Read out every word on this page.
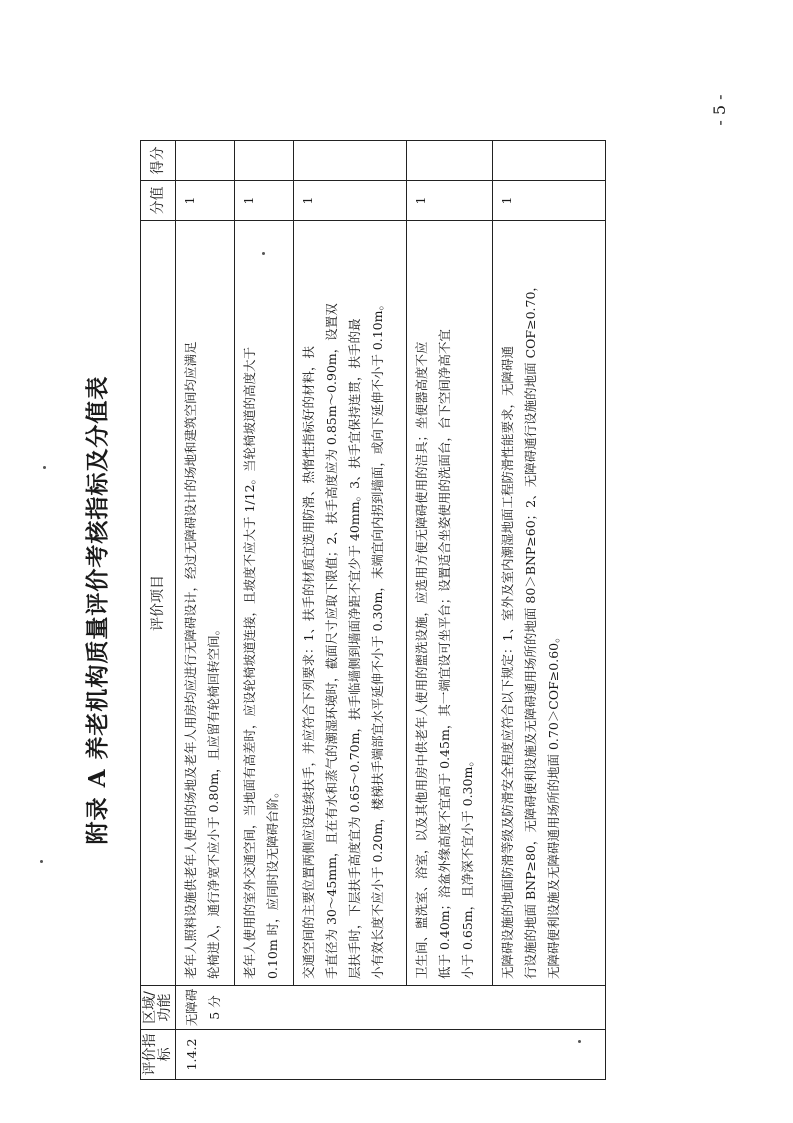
- 5 -
附录 A 养老机构质量评价考核指标及分值表
评价指标	区域/功能	评价项目	分值	得分
1.4.2	无障碍 5 分	老年人照料设施供老年人使用的场地及老年人用房均应进行无障碍设计，经过无障碍设计的场地和建筑空间均应满足 轮椅进入，通行净宽不应小于 0.80m，且应留有轮椅回转空间。	1	

		老年人使用的室外交通空间，当地面有高差时，应设轮椅坡道连接，且坡度不应大于 1/12。当轮椅坡道的高度大于 0.10m 时，应同时设无障碍台阶。	1	

		交通空间的主要位置两侧应设连续扶手，并应符合下列要求：1、扶手的材质宜选用防滑、热惰性指标好的材料，扶 手直径为 30～45mm，且在有水和蒸气的潮湿环境时，截面尺寸应取下限值；2、扶手高度应为 0.85m～0.90m，设置双 层扶手时，下层扶手高度宜为 0.65～0.70m，扶手临墙侧到墙面净距不宜少于 40mm。3、扶手宜保持连贯，扶手的最 小有效长度不应小于 0.20m，楼梯扶手端部宜水平延伸不小于 0.30m，末端宜向内拐到墙面，或向下延伸不小于 0.10m。	1	

		卫生间、盥洗室、浴室，以及其他用房中供老年人使用的盥洗设施，应选用方便无障碍使用的洁具；坐便器高度不应 低于 0.40m；浴盆外缘高度不宜高于 0.45m，其一端宜设可坐平台；设置适合坐姿使用的洗面台，台下空间净高不宜 小于 0.65m，且净深不宜小于 0.30m。	1	

		无障碍设施的地面防滑等级及防滑安全程度应符合以下规定：1、室外及室内潮湿地面工程防滑性能要求，无障碍通 行设施的地面 BNP≥80，无障碍便利设施及无障碍通用场所的地面 80＞BNP≥60；2、无障碍通行设施的地面 COF≥0.70， 无障碍便利设施及无障碍通用场所的地面 0.70＞COF≥0.60。	1	
